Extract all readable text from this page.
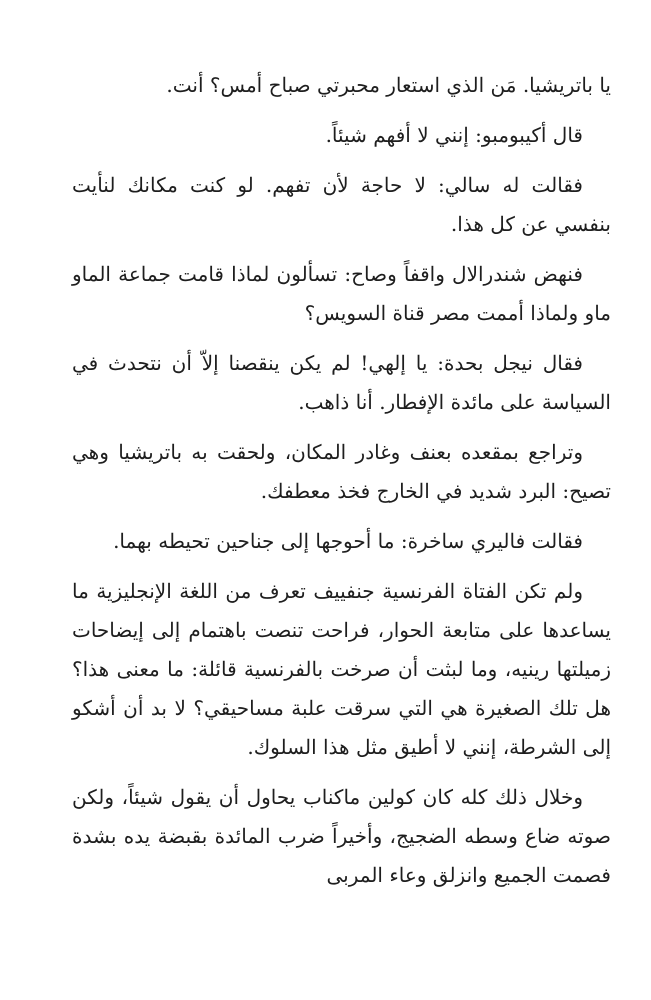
يا باتريشيا. مَن الذي استعار محبرتي صباح أمس؟ أنت.

قال أكيبومبو: إنني لا أفهم شيئاً.

فقالت له سالي: لا حاجة لأن تفهم. لو كنت مكانك لنأيت بنفسي عن كل هذا.

فنهض شندرالال واقفاً وصاح: تسألون لماذا قامت جماعة الماو ماو ولماذا أممت مصر قناة السويس؟

فقال نيجل بحدة: يا إلهي! لم يكن ينقصنا إلاّ أن نتحدث في السياسة على مائدة الإفطار. أنا ذاهب.

وتراجع بمقعده بعنف وغادر المكان، ولحقت به باتريشيا وهي تصيح: البرد شديد في الخارج فخذ معطفك.

فقالت فاليري ساخرة: ما أحوجها إلى جناحين تحيطه بهما.

ولم تكن الفتاة الفرنسية جنفييف تعرف من اللغة الإنجليزية ما يساعدها على متابعة الحوار، فراحت تنصت باهتمام إلى إيضاحات زميلتها رينيه، وما لبثت أن صرخت بالفرنسية قائلة: ما معنى هذا؟ هل تلك الصغيرة هي التي سرقت علبة مساحيقي؟ لا بد أن أشكو إلى الشرطة، إنني لا أطيق مثل هذا السلوك.

وخلال ذلك كله كان كولين ماكناب يحاول أن يقول شيئاً، ولكن صوته ضاع وسطه الضجيج، وأخيراً ضرب المائدة بقبضة يده بشدة فصمت الجميع وانزلق وعاء المربى
